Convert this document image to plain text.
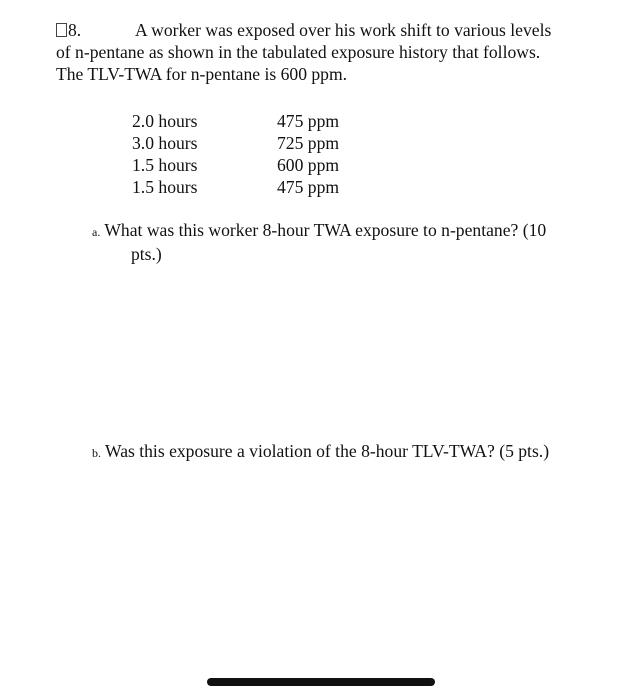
8.	A worker was exposed over his work shift to various levels
of n-pentane as shown in the tabulated exposure history that follows.
The TLV-TWA for n-pentane is 600 ppm.
2.0 hours	475 ppm
3.0 hours	725 ppm
1.5 hours	600 ppm
1.5 hours	475 ppm
a. What was this worker 8-hour TWA exposure to n-pentane? (10
pts.)
b. Was this exposure a violation of the 8-hour TLV-TWA? (5 pts.)
